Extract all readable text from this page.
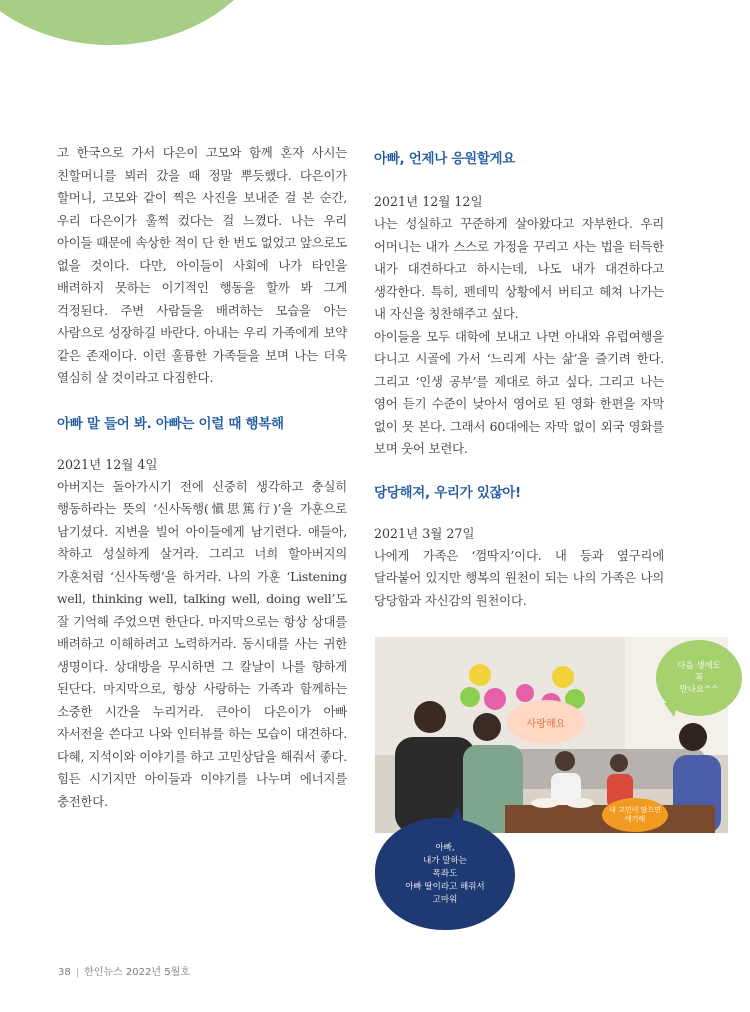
고 한국으로 가서 다은이 고모와 함께 혼자 사시는 친할머니를 뵈러 갔을 때 정말 뿌듯했다. 다은이가 할머니, 고모와 같이 찍은 사진을 보내준 걸 본 순간, 우리 다은이가 훌쩍 컸다는 걸 느꼈다. 나는 우리 아이들 때문에 속상한 적이 단 한 번도 없었고 앞으로도 없을 것이다. 다만, 아이들이 사회에 나가 타인을 배려하지 못하는 이기적인 행동을 할까 봐 그게 걱정된다. 주변 사람들을 배려하는 모습을 아는 사람으로 성장하길 바란다. 아내는 우리 가족에게 보약 같은 존재이다. 이런 훌륭한 가족들을 보며 나는 더욱 열심히 살 것이라고 다짐한다.

아빠 말 들어 봐. 아빠는 이럴 때 행복해

2021년 12월 4일

아버지는 돌아가시기 전에 신중히 생각하고 충실히 행동하라는 뜻의 ‘신사독행(愼思篤行)’을 가훈으로 남기셨다. 지변을 빌어 아이들에게 남기련다. 애들아, 착하고 성실하게 살거라. 그리고 너희 할아버지의 가훈처럼 ‘신사독행’을 하거라. 나의 가훈 ‘Listening well, thinking well, talking well, doing well’도 잘 기억해 주었으면 한단다. 마지막으로는 항상 상대를 배려하고 이해하려고 노력하거라. 동시대를 사는 귀한 생명이다. 상대방을 무시하면 그 칼날이 나를 향하게 된단다. 마지막으로, 항상 사랑하는 가족과 함께하는 소중한 시간을 누리거라. 큰아이 다은이가 아빠 자서전을 쓴다고 나와 인터뷰를 하는 모습이 대견하다. 다혜, 지석이와 이야기를 하고 고민상담을 해줘서 좋다. 힘든 시기지만 아이들과 이야기를 나누며 에너지를 충전한다.

아빠, 언제나 응원할게요

2021년 12월 12일

나는 성실하고 꾸준하게 살아왔다고 자부한다. 우리 어머니는 내가 스스로 가정을 꾸리고 사는 법을 터득한 내가 대견하다고 하시는데, 나도 내가 대견하다고 생각한다. 특히, 펜데믹 상황에서 버티고 헤쳐 나가는 내 자신을 칭찬해주고 싶다.

아이들을 모두 대학에 보내고 나면 아내와 유럽여행을 다니고 시골에 가서 ‘느리게 사는 삶’을 즐기려 한다. 그리고 ‘인생 공부’를 제대로 하고 싶다. 그리고 나는 영어 듣기 수준이 낮아서 영어로 된 영화 한편을 자막 없이 못 본다. 그래서 60대에는 자막 없이 외국 영화를 보며 웃어 보련다.

당당해져, 우리가 있잖아!

2021년 3월 27일

나에게 가족은 ‘껌딱지’이다. 내 등과 옆구리에 달라붙어 있지만 행복의 원천이 되는 나의 가족은 나의 당당함과 자신감의 원천이다.

다음 생에도
꼭
만나요^^
사랑해요
내 고민이 많으면
얘기해
아빠,
내가 말하는
폭좌도
아빠 딸이라고 해줘서
고마워
38 | 한인뉴스 2022년 5월호
